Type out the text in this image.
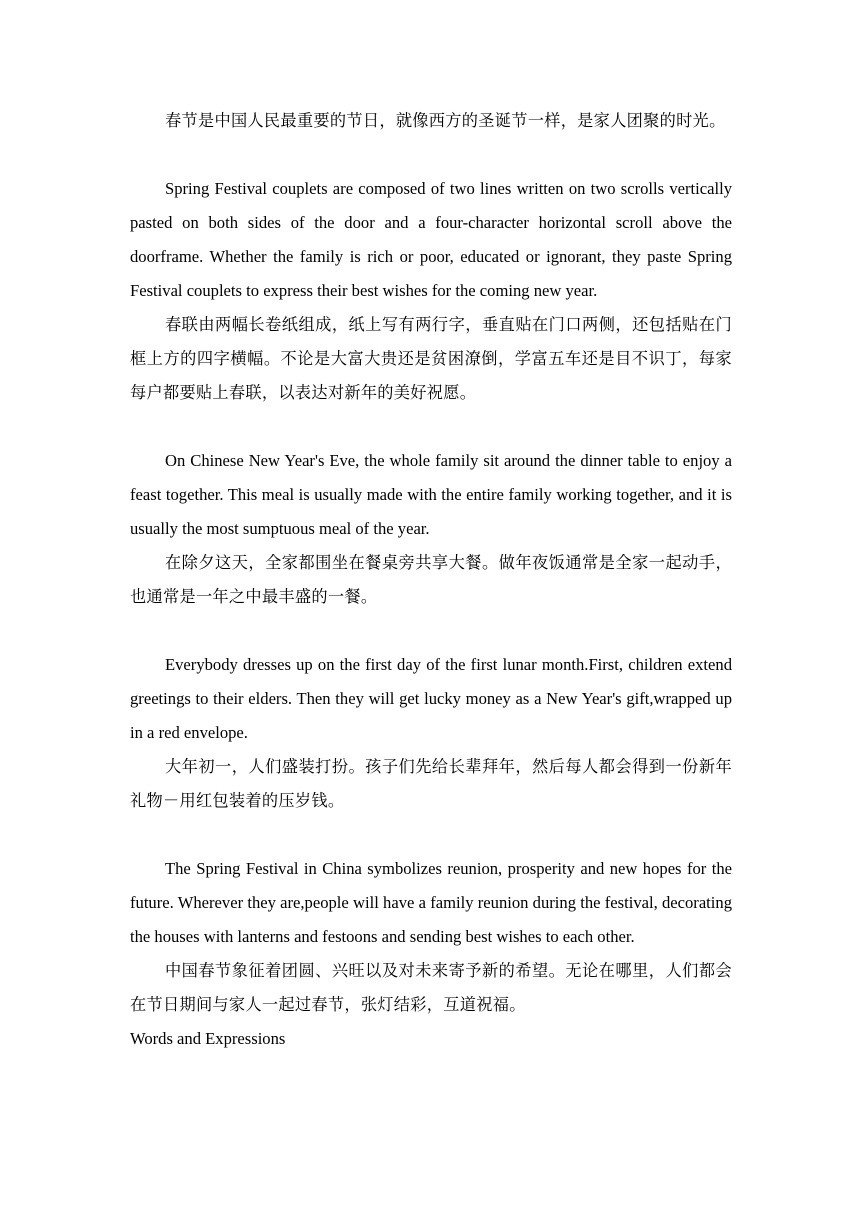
春节是中国人民最重要的节日，就像西方的圣诞节一样，是家人团聚的时光。

Spring Festival couplets are composed of two lines written on two scrolls vertically pasted on both sides of the door and a four-character horizontal scroll above the doorframe. Whether the family is rich or poor, educated or ignorant, they paste Spring Festival couplets to express their best wishes for the coming new year.

春联由两幅长卷纸组成，纸上写有两行字，垂直贴在门口两侧，还包括贴在门框上方的四字横幅。不论是大富大贵还是贫困潦倒，学富五车还是目不识丁，每家每户都要贴上春联，以表达对新年的美好祝愿。

On Chinese New Year's Eve, the whole family sit around the dinner table to enjoy a feast together. This meal is usually made with the entire family working together, and it is usually the most sumptuous meal of the year.

在除夕这天，全家都围坐在餐桌旁共享大餐。做年夜饭通常是全家一起动手，也通常是一年之中最丰盛的一餐。

Everybody dresses up on the first day of the first lunar month.First, children extend greetings to their elders. Then they will get lucky money as a New Year's gift,wrapped up in a red envelope.

大年初一，人们盛装打扮。孩子们先给长辈拜年，然后每人都会得到一份新年礼物－用红包装着的压岁钱。

The Spring Festival in China symbolizes reunion, prosperity and new hopes for the future. Wherever they are,people will have a family reunion during the festival, decorating the houses with lanterns and festoons and sending best wishes to each other.

中国春节象征着团圆、兴旺以及对未来寄予新的希望。无论在哪里，人们都会在节日期间与家人一起过春节，张灯结彩，互道祝福。

Words and Expressions
